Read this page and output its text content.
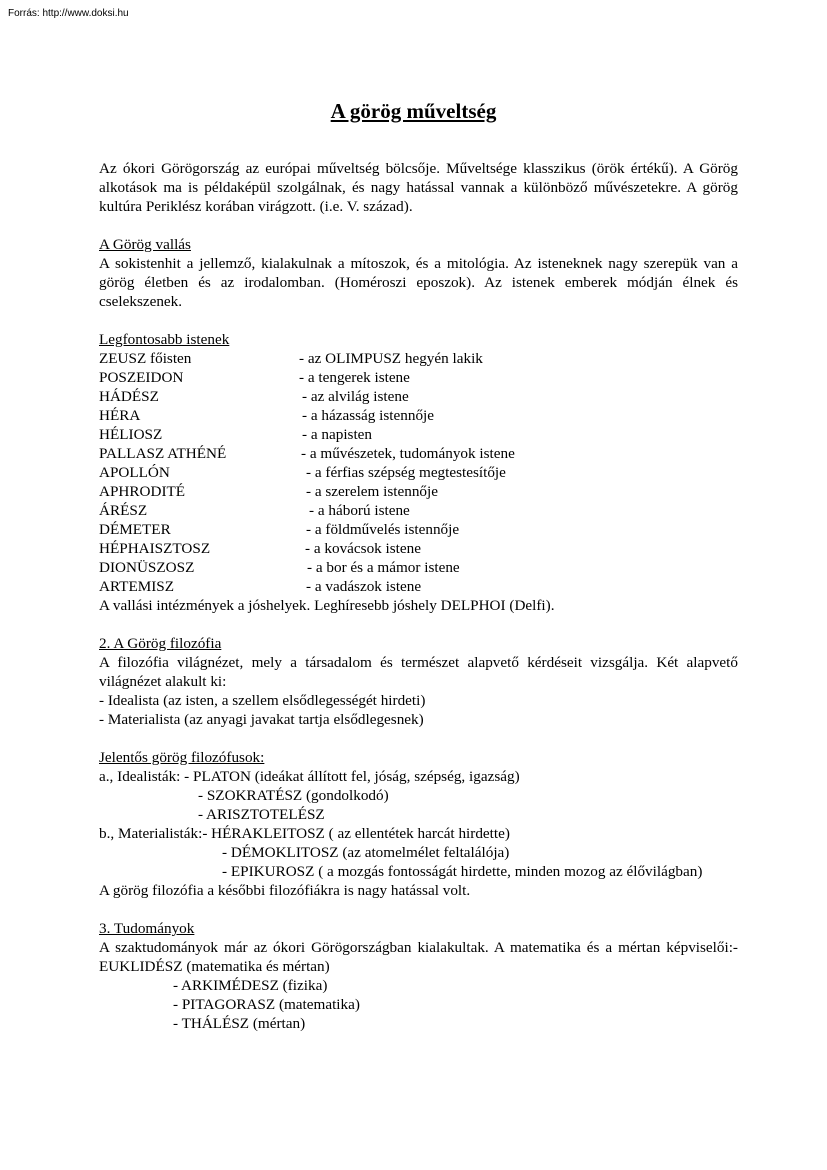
Forrás: http://www.doksi.hu
A görög műveltség

Az ókori Görögország az európai műveltség bölcsője. Műveltsége klasszikus (örök értékű). A Görög alkotások ma is példaképül szolgálnak, és nagy hatással vannak a különböző művészetekre. A görög kultúra Periklész korában virágzott. (i.e. V. század).

A Görög vallás

A sokistenhit a jellemző, kialakulnak a mítoszok, és a mitológia. Az isteneknek nagy szerepük van a görög életben és az irodalomban. (Homéroszi eposzok). Az istenek emberek módján élnek és cselekszenek.

Legfontosabb istenek

ZEUSZ főisten	- az OLIMPUSZ hegyén lakik
POSZEIDON	- a tengerek istene
HÁDÉSZ	- az alvilág istene
HÉRA	- a házasság istennője
HÉLIOSZ	- a napisten
PALLASZ ATHÉNÉ	- a művészetek, tudományok istene
APOLLÓN	- a férfias szépség megtestesítője
APHRODITÉ	- a szerelem istennője
ÁRÉSZ	- a háború istene
DÉMETER	- a földművelés istennője
HÉPHAISZTOSZ	- a kovácsok istene
DIONÜSZOSZ	- a bor és a mámor istene
ARTEMISZ	- a vadászok istene

A vallási intézmények a jóshelyek. Leghíresebb jóshely DELPHOI (Delfi).

2. A Görög filozófia

A filozófia világnézet, mely a társadalom és természet alapvető kérdéseit vizsgálja. Két alapvető világnézet alakult ki:

- Idealista (az isten, a szellem elsődlegességét hirdeti)
- Materialista (az anyagi javakat tartja elsődlegesnek)

Jelentős görög filozófusok:

a., Idealisták: - PLATON (ideákat állított fel, jóság, szépség, igazság)
- SZOKRATÉSZ (gondolkodó)
- ARISZTOTELÉSZ
b., Materialisták:- HÉRAKLEITOSZ ( az ellentétek harcát hirdette)
- DÉMOKLITOSZ (az atomelmélet feltalálója)

- EPIKUROSZ ( a mozgás fontosságát hirdette, minden mozog az élővilágban)

A görög filozófia a későbbi filozófiákra is nagy hatással volt.

3. Tudományok

A szaktudományok már az ókori Görögországban kialakultak. A matematika és a mértan képviselői:- EUKLIDÉSZ (matematika és mértan)

- ARKIMÉDESZ (fizika)
- PITAGORASZ (matematika)
- THÁLÉSZ (mértan)
